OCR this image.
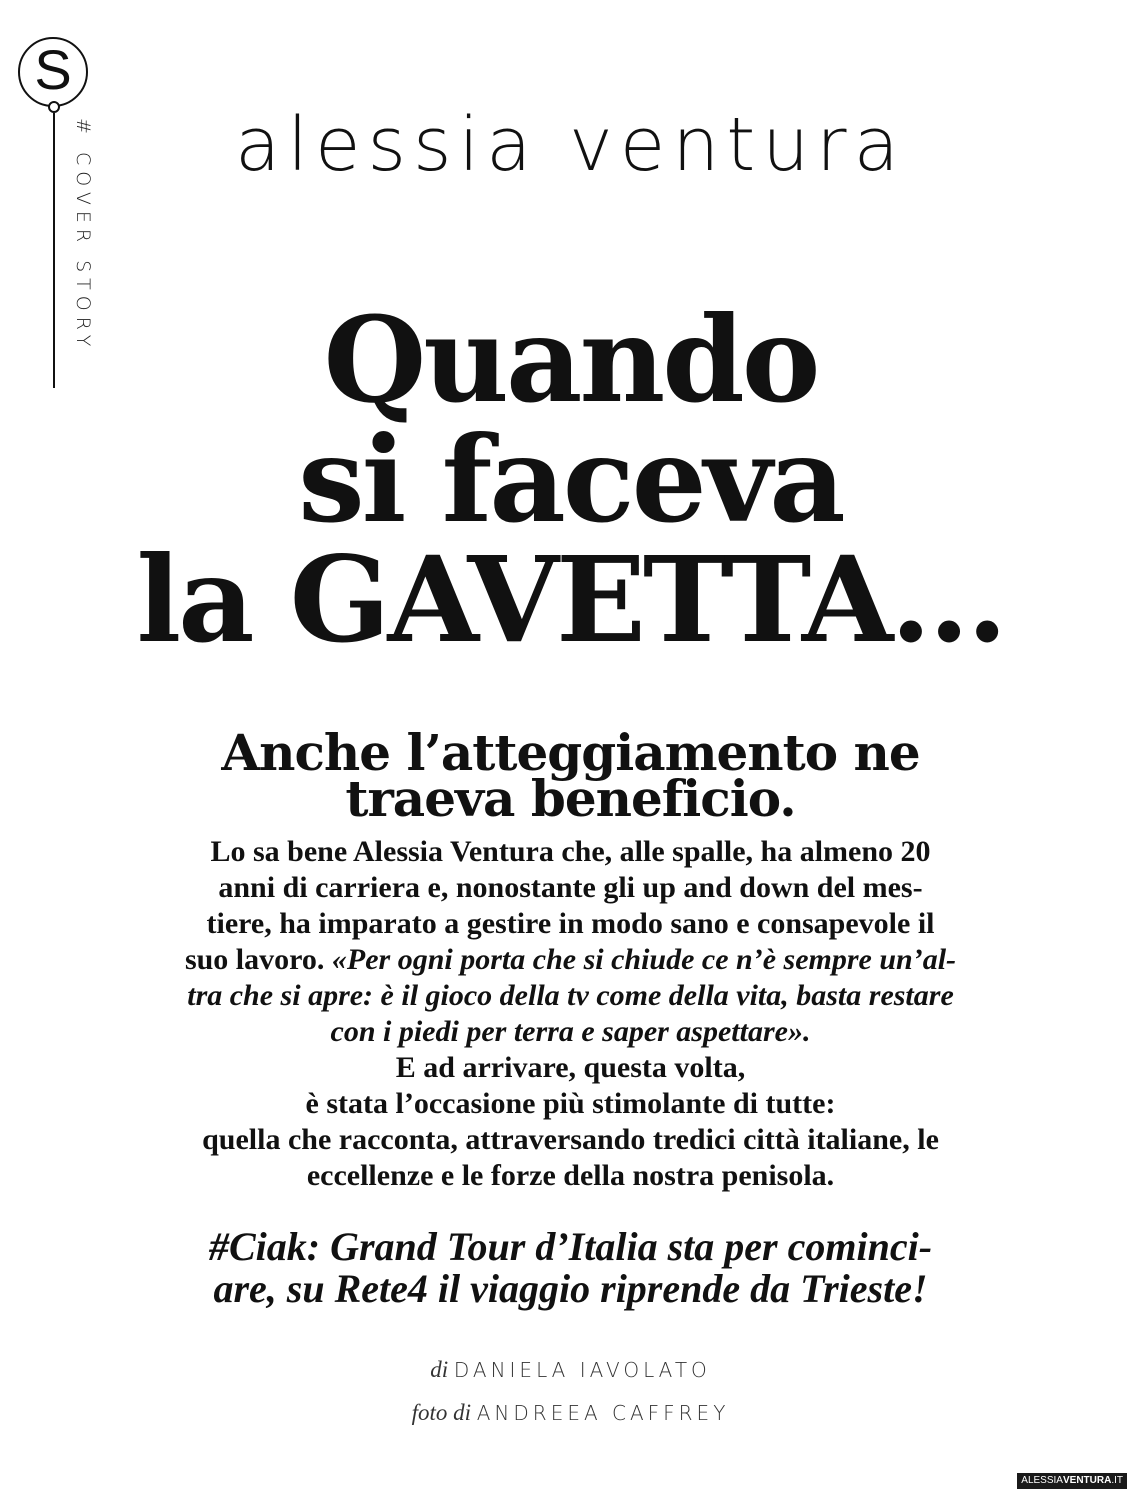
S
# COVER STORY	alessia ventura
Quando
si faceva
la GAVETTA...
Anche l’atteggiamento ne
traeva beneficio.
Lo sa bene Alessia Ventura che, alle spalle, ha almeno 20
anni di carriera e, nonostante gli up and down del mes-
tiere, ha imparato a gestire in modo sano e consapevole il
suo lavoro. «Per ogni porta che si chiude ce n’è sempre un’al-
tra che si apre: è il gioco della tv come della vita, basta restare
con i piedi per terra e saper aspettare».
E ad arrivare, questa volta,
è stata l’occasione più stimolante di tutte:
quella che racconta, attraversando tredici città italiane, le
eccellenze e le forze della nostra penisola.
#Ciak: Grand Tour d’Italia sta per cominci-
are, su Rete4 il viaggio riprende da Trieste!
di DANIELA IAVOLATO
foto di ANDREEA CAFFREY
ALESSIAVENTURA.IT
